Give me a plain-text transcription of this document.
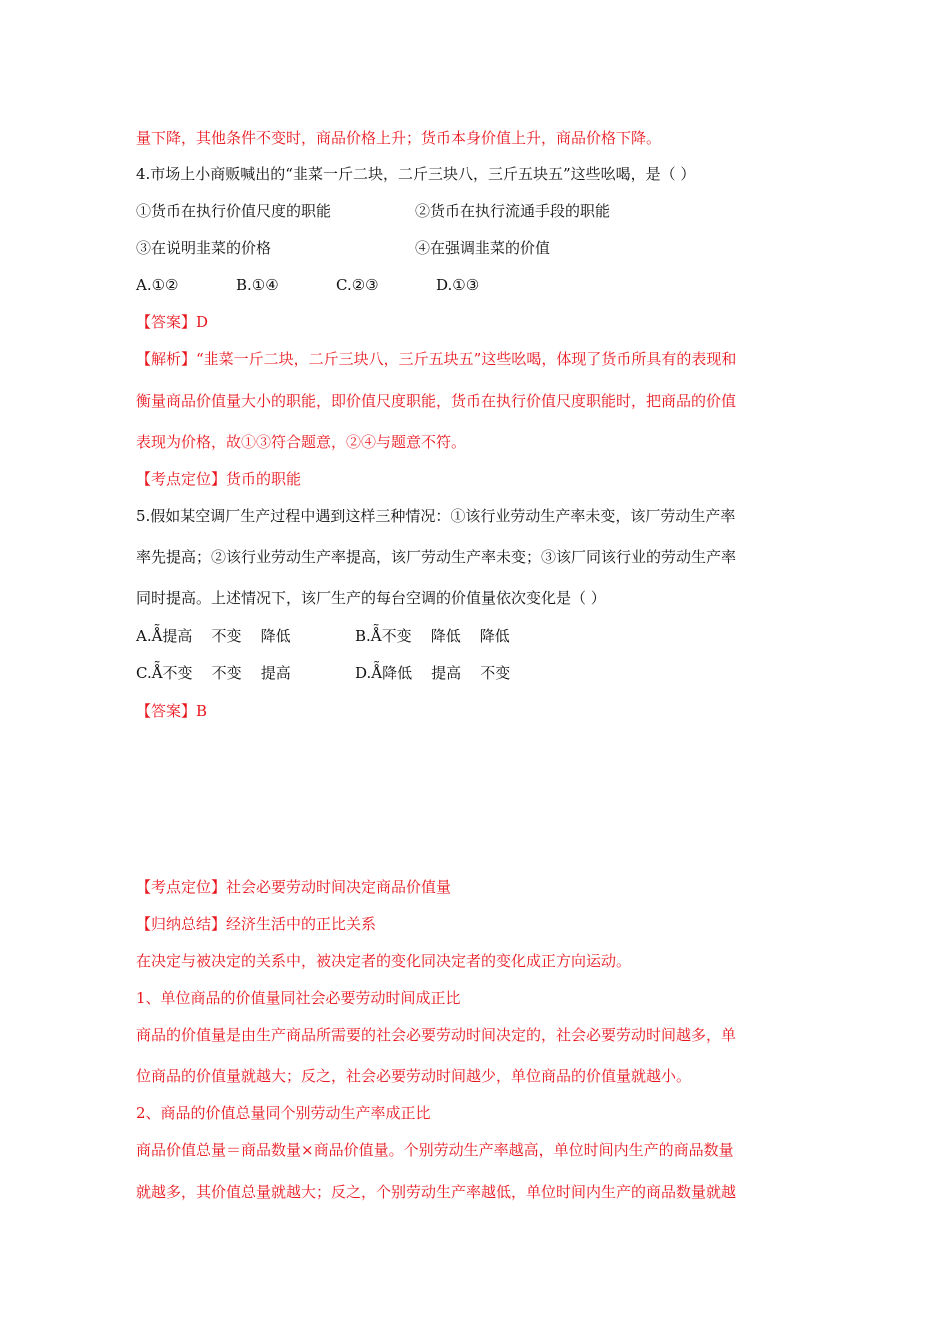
量下降，其他条件不变时，商品价格上升；货币本身价值上升，商品价格下降。
4.市场上小商贩喊出的“韭菜一斤二块，二斤三块八，三斤五块五”这些吆喝，是（ ）
①货币在执行价值尺度的职能	②货币在执行流通手段的职能
③在说明韭菜的价格	④在强调韭菜的价值
A.①②	B.①④	C.②③	D.①③
【答案】D
【解析】“韭菜一斤二块，二斤三块八，三斤五块五”这些吆喝，体现了货币所具有的表现和
衡量商品价值量大小的职能，即价值尺度职能，货币在执行价值尺度职能时，把商品的价值
表现为价格，故①③符合题意，②④与题意不符。
【考点定位】货币的职能
5.假如某空调厂生产过程中遇到这样三种情况：①该行业劳动生产率未变，该厂劳动生产率
率先提高；②该行业劳动生产率提高，该厂劳动生产率未变；③该厂同该行业的劳动生产率
同时提高。上述情况下，该厂生产的每台空调的价值量依次变化是（ ）
A.Å̃提高    不变    降低	B.Å̃不变    降低    降低
C.Å̃不变    不变    提高	D.Å̃降低    提高    不变
【答案】B
【考点定位】社会必要劳动时间决定商品价值量
【归纳总结】经济生活中的正比关系
在决定与被决定的关系中，被决定者的变化同决定者的变化成正方向运动。
1、单位商品的价值量同社会必要劳动时间成正比
商品的价值量是由生产商品所需要的社会必要劳动时间决定的，社会必要劳动时间越多，单
位商品的价值量就越大；反之，社会必要劳动时间越少，单位商品的价值量就越小。
2、商品的价值总量同个别劳动生产率成正比
商品价值总量＝商品数量×商品价值量。个别劳动生产率越高，单位时间内生产的商品数量
就越多，其价值总量就越大；反之，个别劳动生产率越低，单位时间内生产的商品数量就越
